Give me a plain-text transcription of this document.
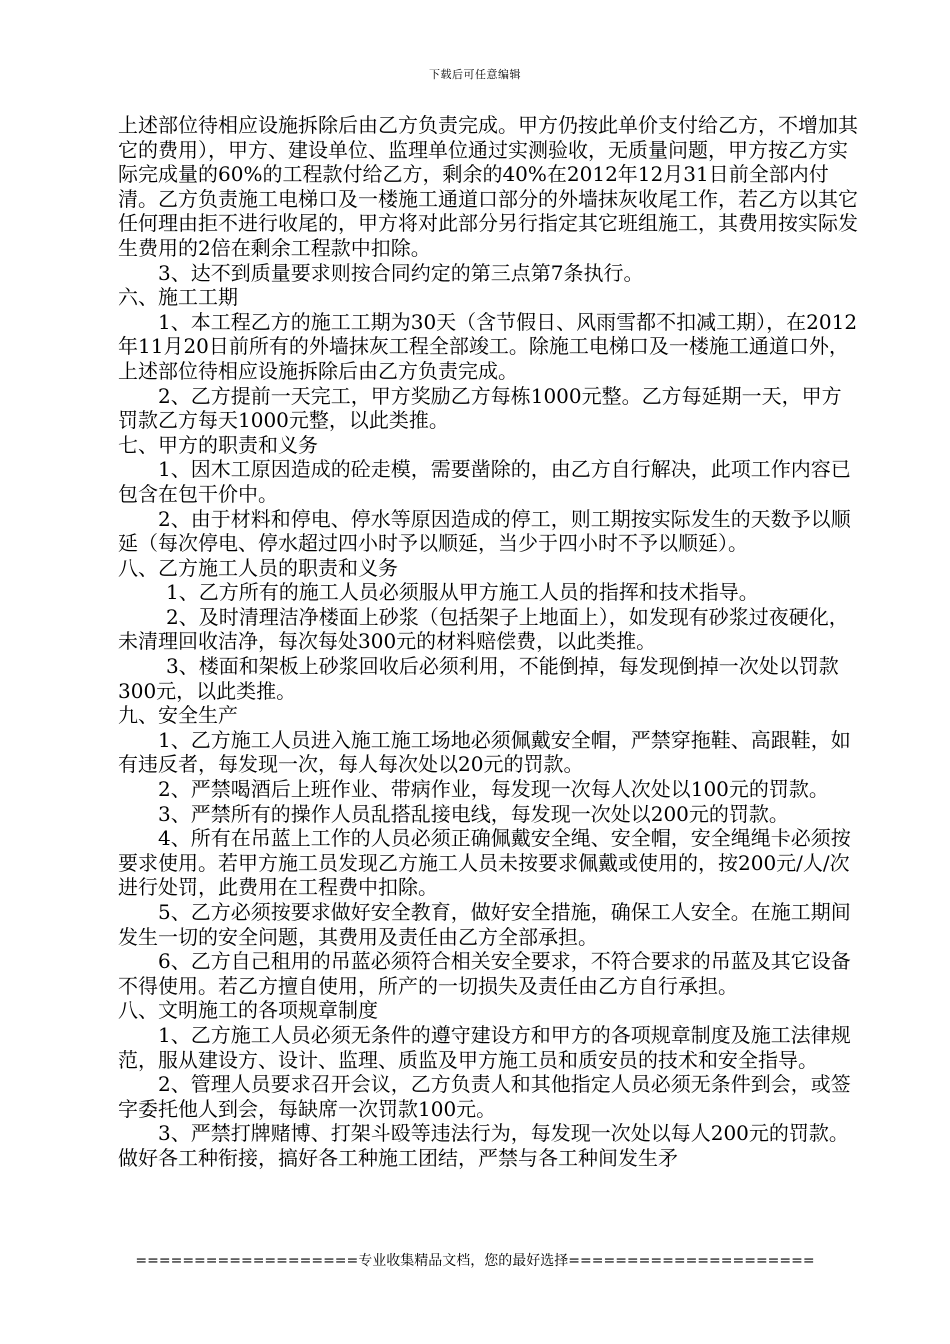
下载后可任意编辑

上述部位待相应设施拆除后由乙方负责完成。甲方仍按此单价支付给乙方，不增加其它的费用），甲方、建设单位、监理单位通过实测验收，无质量问题，甲方按乙方实际完成量的60%的工程款付给乙方，剩余的40%在2012年12月31日前全部内付清。乙方负责施工电梯口及一楼施工通道口部分的外墙抹灰收尾工作，若乙方以其它任何理由拒不进行收尾的，甲方将对此部分另行指定其它班组施工，其费用按实际发生费用的2倍在剩余工程款中扣除。

3、达不到质量要求则按合同约定的第三点第7条执行。

六、施工工期

1、本工程乙方的施工工期为30天（含节假日、风雨雪都不扣减工期），在2012年11月20日前所有的外墙抹灰工程全部竣工。除施工电梯口及一楼施工通道口外，上述部位待相应设施拆除后由乙方负责完成。

2、乙方提前一天完工，甲方奖励乙方每栋1000元整。乙方每延期一天，甲方罚款乙方每天1000元整，以此类推。

七、甲方的职责和义务

1、因木工原因造成的砼走模，需要凿除的，由乙方自行解决，此项工作内容已包含在包干价中。

2、由于材料和停电、停水等原因造成的停工，则工期按实际发生的天数予以顺延（每次停电、停水超过四小时予以顺延，当少于四小时不予以顺延）。

八、乙方施工人员的职责和义务

1、乙方所有的施工人员必须服从甲方施工人员的指挥和技术指导。

2、及时清理洁净楼面上砂浆（包括架子上地面上），如发现有砂浆过夜硬化，未清理回收洁净，每次每处300元的材料赔偿费，以此类推。

3、楼面和架板上砂浆回收后必须利用，不能倒掉，每发现倒掉一次处以罚款300元，以此类推。

九、安全生产

1、乙方施工人员进入施工施工场地必须佩戴安全帽，严禁穿拖鞋、高跟鞋，如有违反者，每发现一次，每人每次处以20元的罚款。

2、严禁喝酒后上班作业、带病作业，每发现一次每人次处以100元的罚款。

3、严禁所有的操作人员乱搭乱接电线，每发现一次处以200元的罚款。

4、所有在吊蓝上工作的人员必须正确佩戴安全绳、安全帽，安全绳绳卡必须按要求使用。若甲方施工员发现乙方施工人员未按要求佩戴或使用的，按200元/人/次进行处罚，此费用在工程费中扣除。

5、乙方必须按要求做好安全教育，做好安全措施，确保工人安全。在施工期间发生一切的安全问题，其费用及责任由乙方全部承担。

6、乙方自己租用的吊蓝必须符合相关安全要求，不符合要求的吊蓝及其它设备不得使用。若乙方擅自使用，所产的一切损失及责任由乙方自行承担。

八、文明施工的各项规章制度

1、乙方施工人员必须无条件的遵守建设方和甲方的各项规章制度及施工法律规范，服从建设方、设计、监理、质监及甲方施工员和质安员的技术和安全指导。

2、管理人员要求召开会议，乙方负责人和其他指定人员必须无条件到会，或签字委托他人到会，每缺席一次罚款100元。

3、严禁打牌赌博、打架斗殴等违法行为，每发现一次处以每人200元的罚款。做好各工种衔接，搞好各工种施工团结，严禁与各工种间发生矛

===================专业收集精品文档，您的最好选择=====================
